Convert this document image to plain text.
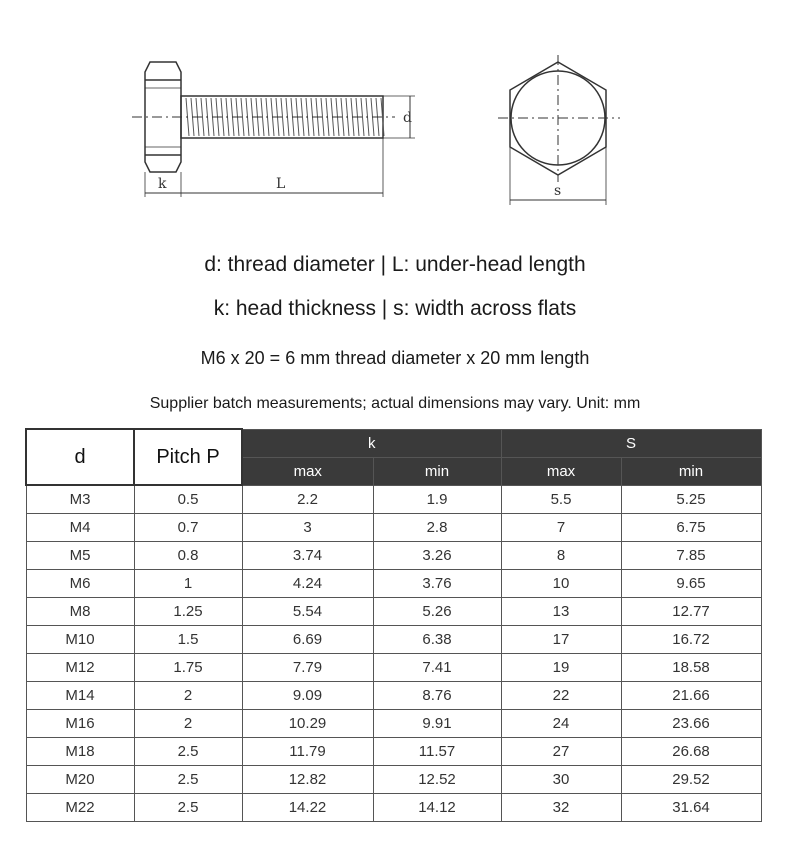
d
k	L	s
d: thread diameter | L: under-head length
k: head thickness | s: width across flats
M6 x 20 = 6 mm thread diameter x 20 mm length
Supplier batch measurements; actual dimensions may vary. Unit: mm
d	Pitch P	k		S	
		max	min	max	min
M3	0.5	2.2	1.9	5.5	5.25
M4	0.7	3	2.8	7	6.75
M5	0.8	3.74	3.26	8	7.85
M6	1	4.24	3.76	10	9.65
M8	1.25	5.54	5.26	13	12.77
M10	1.5	6.69	6.38	17	16.72
M12	1.75	7.79	7.41	19	18.58
M14	2	9.09	8.76	22	21.66
M16	2	10.29	9.91	24	23.66
M18	2.5	11.79	11.57	27	26.68
M20	2.5	12.82	12.52	30	29.52
M22	2.5	14.22	14.12	32	31.64
